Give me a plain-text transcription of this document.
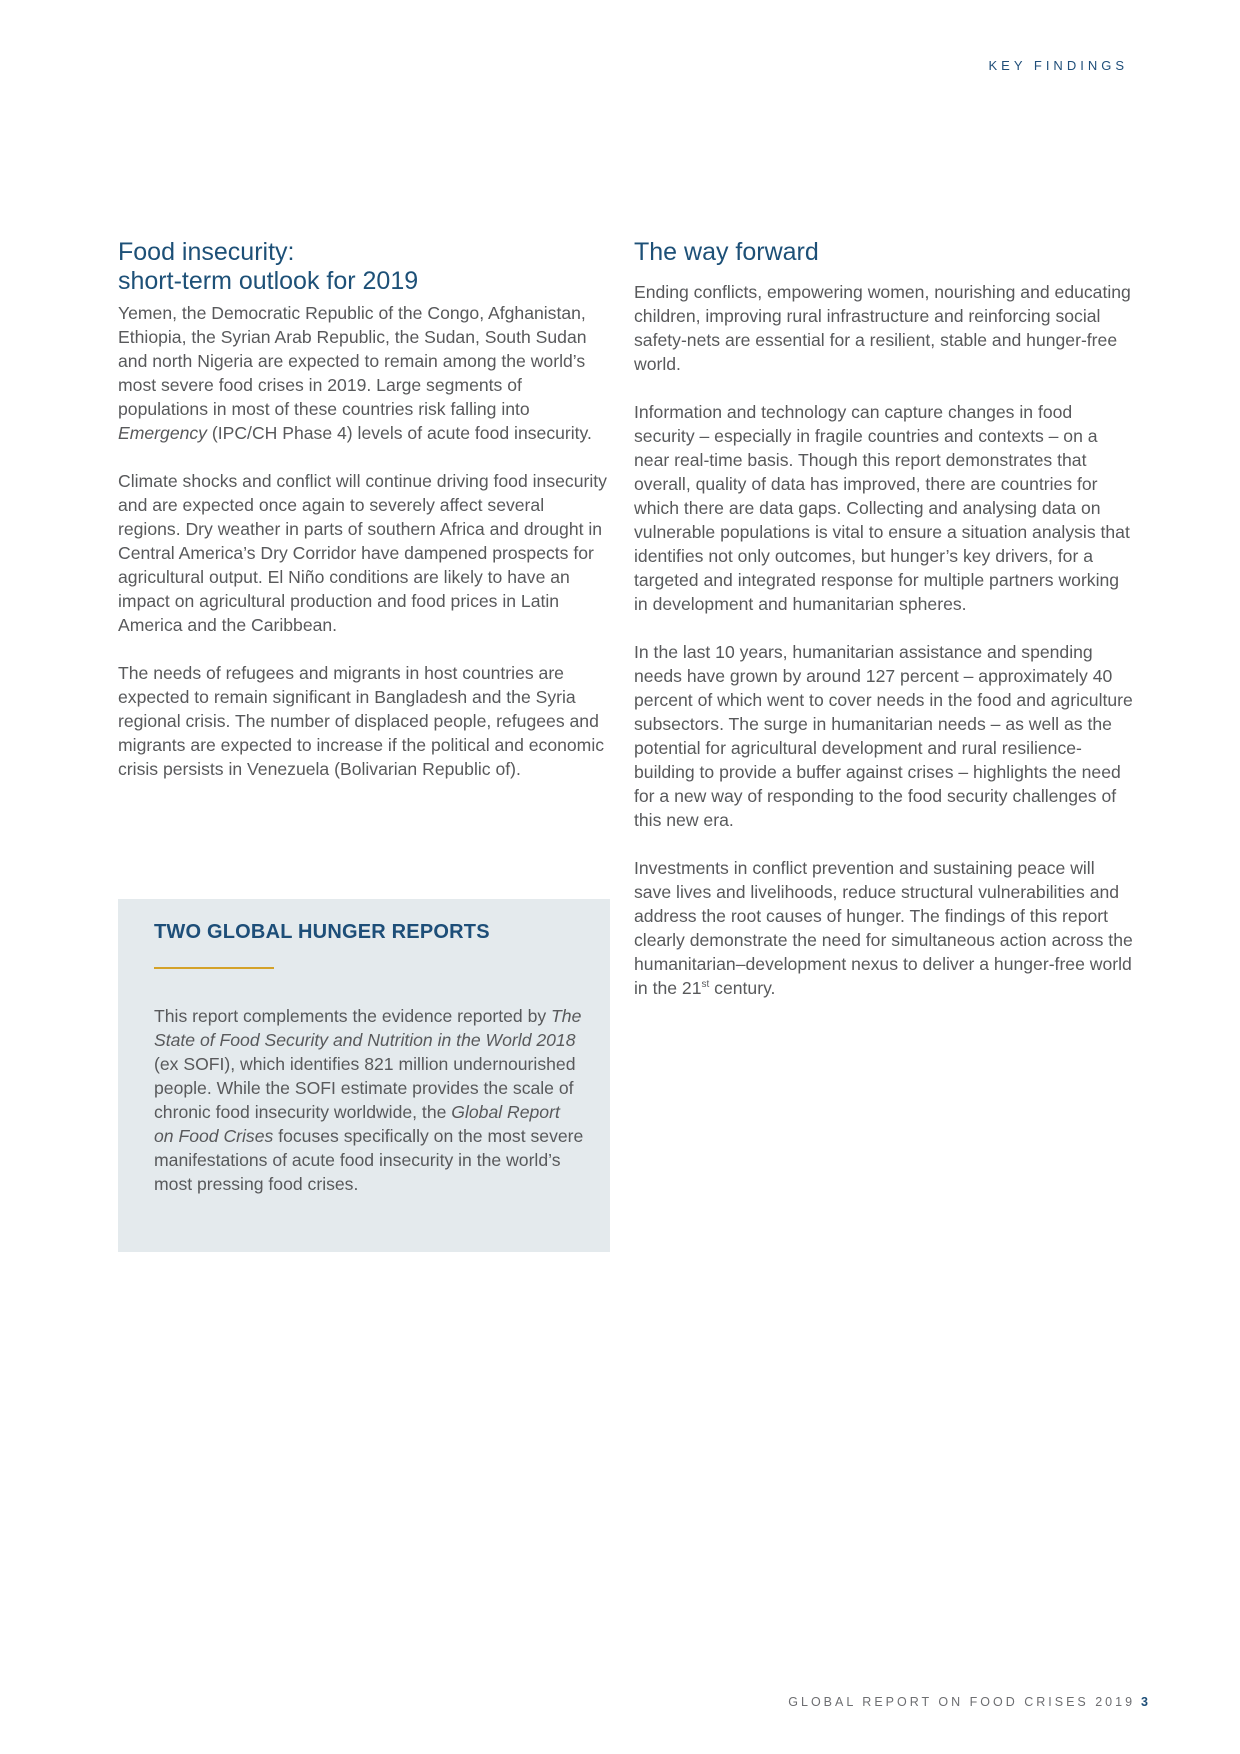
KEY FINDINGS
Food insecurity:
short-term outlook for 2019

Yemen, the Democratic Republic of the Congo, Afghanistan, Ethiopia, the Syrian Arab Republic, the Sudan, South Sudan and north Nigeria are expected to remain among the world’s most severe food crises in 2019. Large segments of populations in most of these countries risk falling into Emergency (IPC/CH Phase 4) levels of acute food insecurity.

Climate shocks and conflict will continue driving food insecurity and are expected once again to severely affect several regions. Dry weather in parts of southern Africa and drought in Central America’s Dry Corridor have dampened prospects for agricultural output. El Niño conditions are likely to have an impact on agricultural production and food prices in Latin America and the Caribbean.

The needs of refugees and migrants in host countries are expected to remain significant in Bangladesh and the Syria regional crisis. The number of displaced people, refugees and migrants are expected to increase if the political and economic crisis persists in Venezuela (Bolivarian Republic of).

TWO GLOBAL HUNGER REPORTS

This report complements the evidence reported by The State of Food Security and Nutrition in the World 2018 (ex SOFI), which identifies 821 million undernourished people. While the SOFI estimate provides the scale of chronic food insecurity worldwide, the Global Report on Food Crises focuses specifically on the most severe manifestations of acute food insecurity in the world’s most pressing food crises.

The way forward

Ending conflicts, empowering women, nourishing and educating children, improving rural infrastructure and reinforcing social safety-nets are essential for a resilient, stable and hunger-free world.

Information and technology can capture changes in food security – especially in fragile countries and contexts – on a near real-time basis. Though this report demonstrates that overall, quality of data has improved, there are countries for which there are data gaps. Collecting and analysing data on vulnerable populations is vital to ensure a situation analysis that identifies not only outcomes, but hunger’s key drivers, for a targeted and integrated response for multiple partners working in development and humanitarian spheres.

In the last 10 years, humanitarian assistance and spending needs have grown by around 127 percent – approximately 40 percent of which went to cover needs in the food and agriculture subsectors. The surge in humanitarian needs – as well as the potential for agricultural development and rural resilience-building to provide a buffer against crises – highlights the need for a new way of responding to the food security challenges of this new era.

Investments in conflict prevention and sustaining peace will save lives and livelihoods, reduce structural vulnerabilities and address the root causes of hunger. The findings of this report clearly demonstrate the need for simultaneous action across the humanitarian–development nexus to deliver a hunger-free world in the 21st century.

GLOBAL REPORT ON FOOD CRISES 2019 3
